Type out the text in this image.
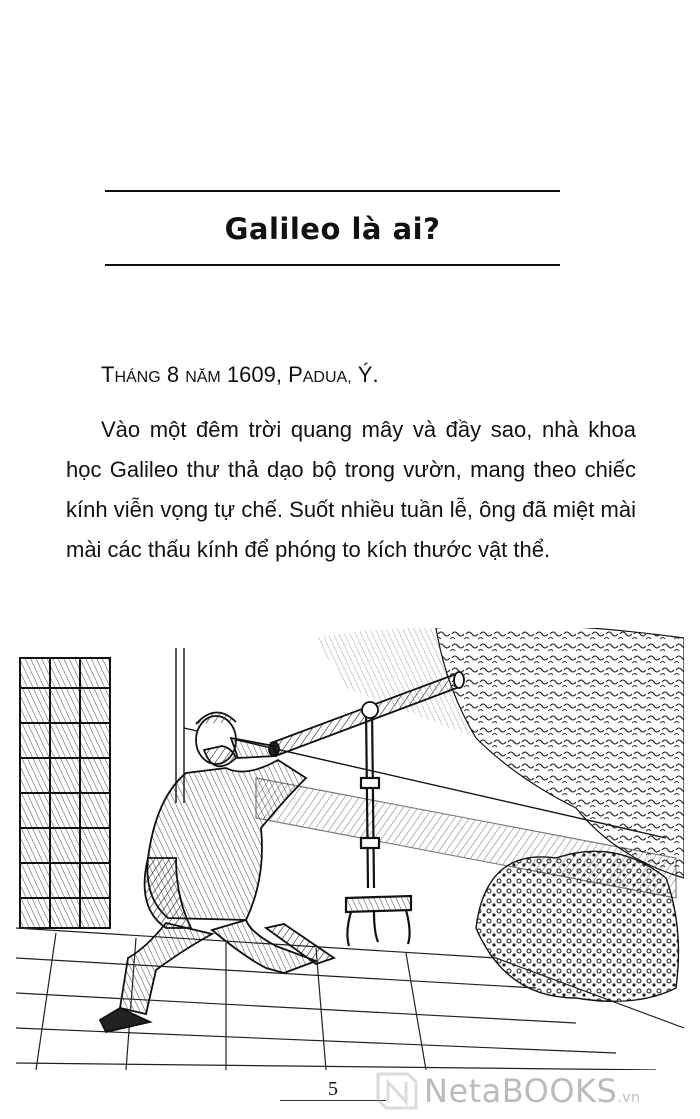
Galileo là ai?

THÁNG 8 NĂM 1609, PADUA, Ý.

Vào một đêm trời quang mây và đầy sao, nhà khoa học Galileo thư thả dạo bộ trong vườn, mang theo chiếc kính viễn vọng tự chế. Suốt nhiều tuần lễ, ông đã miệt mài mài các thấu kính để phóng to kích thước vật thể.

5	NetaBOOKS.vn
